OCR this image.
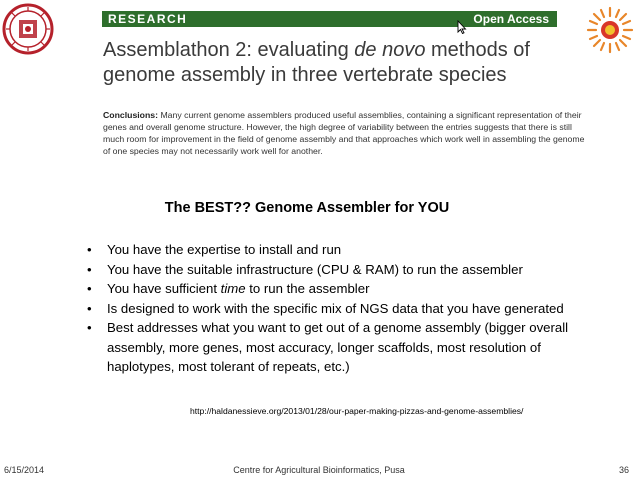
RESEARCH	Open Access
Assemblathon 2: evaluating de novo methods of genome assembly in three vertebrate species
Conclusions: Many current genome assemblers produced useful assemblies, containing a significant representation of their genes and overall genome structure. However, the high degree of variability between the entries suggests that there is still much room for improvement in the field of genome assembly and that approaches which work well in assembling the genome of one species may not necessarily work well for another.
The BEST?? Genome Assembler for YOU
• You have the expertise to install and run
• You have the suitable infrastructure (CPU & RAM) to run the assembler
• You have sufficient time to run the assembler
• Is designed to work with the specific mix of NGS data that you have generated
• Best addresses what you want to get out of a genome assembly (bigger overall assembly, more genes, most accuracy, longer scaffolds, most resolution of haplotypes, most tolerant of repeats, etc.)
http://haldanessieve.org/2013/01/28/our-paper-making-pizzas-and-genome-assemblies/
6/15/2014	Centre for Agricultural Bioinformatics, Pusa	36
